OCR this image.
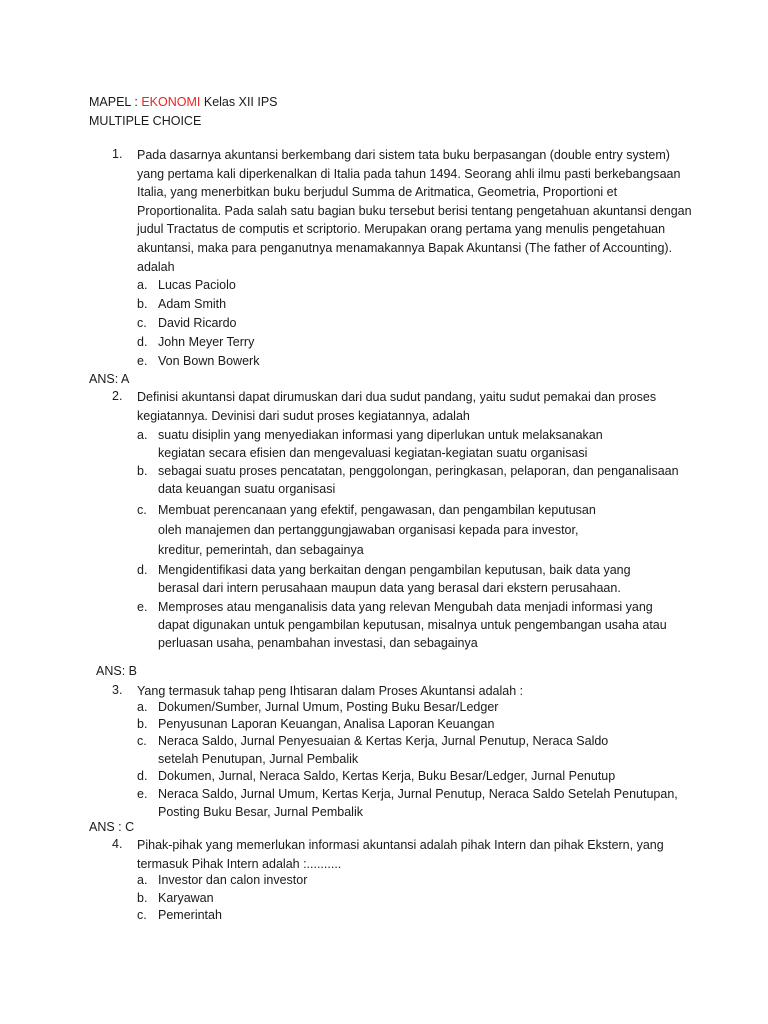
MAPEL : EKONOMI Kelas XII IPS
MULTIPLE CHOICE
1. Pada dasarnya akuntansi berkembang dari sistem tata buku berpasangan (double entry system) yang pertama kali diperkenalkan di Italia pada tahun 1494. Seorang ahli ilmu pasti berkebangsaan Italia, yang menerbitkan buku berjudul Summa de Aritmatica, Geometria, Proportioni et Proportionalita. Pada salah satu bagian buku tersebut berisi tentang pengetahuan akuntansi dengan judul Tractatus de computis et scriptorio. Merupakan orang pertama yang menulis pengetahuan akuntansi, maka para penganutnya menamakannya Bapak Akuntansi (The father of Accounting). adalah
a. Lucas Paciolo
b. Adam Smith
c. David Ricardo
d. John Meyer Terry
e. Von Bown Bowerk
ANS: A
2. Definisi akuntansi dapat dirumuskan dari dua sudut pandang, yaitu sudut pemakai dan proses kegiatannya. Devinisi dari sudut proses kegiatannya, adalah
a. suatu disiplin yang menyediakan informasi yang diperlukan untuk melaksanakan kegiatan secara efisien dan mengevaluasi kegiatan-kegiatan suatu organisasi
b. sebagai suatu proses pencatatan, penggolongan, peringkasan, pelaporan, dan penganalisaan data keuangan suatu organisasi
c. Membuat perencanaan yang efektif, pengawasan, dan pengambilan keputusan oleh manajemen dan pertanggungjawaban organisasi kepada para investor, kreditur, pemerintah, dan sebagainya
d. Mengidentifikasi data yang berkaitan dengan pengambilan keputusan, baik data yang berasal dari intern perusahaan maupun data yang berasal dari ekstern perusahaan.
e. Memproses atau menganalisis data yang relevan Mengubah data menjadi informasi yang dapat digunakan untuk pengambilan keputusan, misalnya untuk pengembangan usaha atau perluasan usaha, penambahan investasi, dan sebagainya
ANS: B
3. Yang termasuk tahap peng Ihtisaran dalam Proses Akuntansi adalah :
a. Dokumen/Sumber, Jurnal Umum, Posting Buku Besar/Ledger
b. Penyusunan Laporan Keuangan, Analisa Laporan Keuangan
c. Neraca Saldo, Jurnal Penyesuaian & Kertas Kerja, Jurnal Penutup, Neraca Saldo setelah Penutupan, Jurnal Pembalik
d. Dokumen, Jurnal, Neraca Saldo, Kertas Kerja, Buku Besar/Ledger, Jurnal Penutup
e. Neraca Saldo, Jurnal Umum, Kertas Kerja, Jurnal Penutup, Neraca Saldo Setelah Penutupan, Posting Buku Besar, Jurnal Pembalik
ANS : C
4. Pihak-pihak yang memerlukan informasi akuntansi adalah pihak Intern dan pihak Ekstern, yang termasuk Pihak Intern adalah :..........
a. Investor dan calon investor
b. Karyawan
c. Pemerintah
